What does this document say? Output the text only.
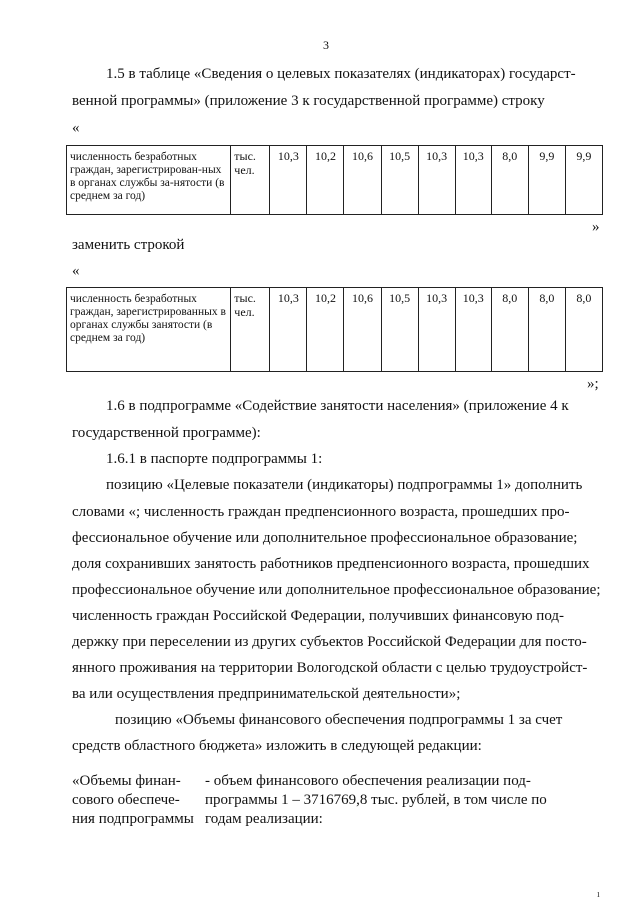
3
1.5 в таблице «Сведения о целевых показателях (индикаторах) государст-
венной программы» (приложение 3 к государственной программе) строку
«
численность безработных граждан, зарегистрирован-ных в органах службы за-нятости (в среднем за год)	тыс. чел.	10,3	10,2	10,6	10,5	10,3	10,3	8,0	9,9	9,9
»
заменить строкой
«
численность безработных граждан, зарегистрированных в органах службы занятости (в среднем за год)	тыс. чел.	10,3	10,2	10,6	10,5	10,3	10,3	8,0	8,0	8,0
»;
1.6 в подпрограмме «Содействие занятости населения» (приложение 4 к
государственной программе):
1.6.1 в паспорте подпрограммы 1:
позицию «Целевые показатели (индикаторы) подпрограммы 1» дополнить
словами «; численность граждан предпенсионного возраста, прошедших про-
фессиональное обучение или дополнительное профессиональное образование;
доля сохранивших занятость работников предпенсионного возраста, прошедших
профессиональное обучение или дополнительное профессиональное образование;
численность граждан Российской Федерации, получивших финансовую под-
держку при переселении из других субъектов Российской Федерации для посто-
янного проживания на территории Вологодской области с целью трудоустройст-
ва или осуществления предпринимательской деятельности»;
позицию «Объемы финансового обеспечения подпрограммы 1 за счет
средств областного бюджета» изложить в следующей редакции:
«Объемы финан-
сового обеспече-
ния подпрограммы
- объем финансового обеспечения реализации под-
программы 1 – 3716769,8 тыс. рублей, в том числе по
годам реализации:
ı
